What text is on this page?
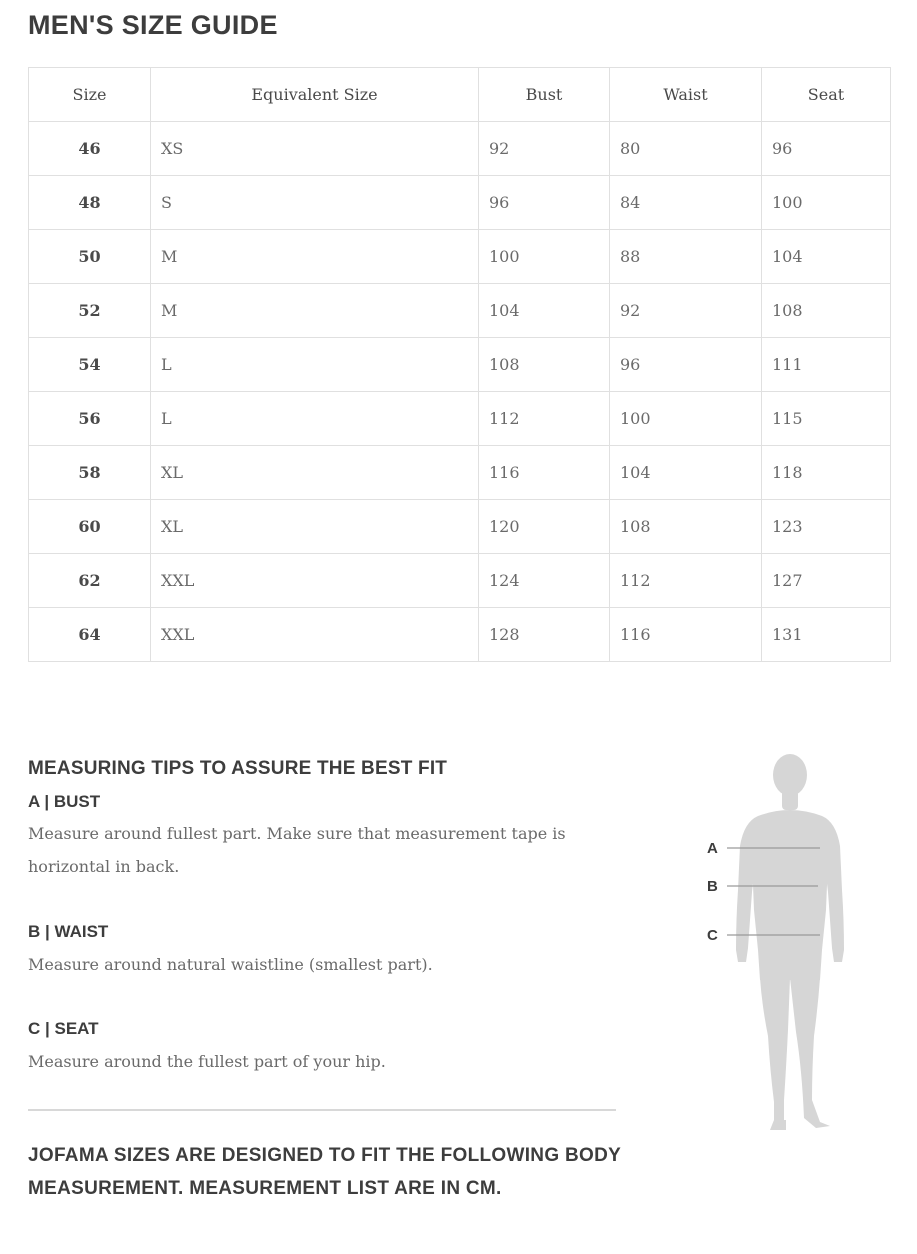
MEN'S SIZE GUIDE
Size	Equivalent Size	Bust	Waist	Seat
46	XS	92	80	96
48	S	96	84	100
50	M	100	88	104
52	M	104	92	108
54	L	108	96	111
56	L	112	100	115
58	XL	116	104	118
60	XL	120	108	123
62	XXL	124	112	127
64	XXL	128	116	131
MEASURING TIPS TO ASSURE THE BEST FIT
A | BUST

Measure around fullest part. Make sure that measurement tape is horizontal in back.

B | WAIST

Measure around natural waistline (smallest part).

C | SEAT

Measure around the fullest part of your hip.

A
B
C

JOFAMA SIZES ARE DESIGNED TO FIT THE FOLLOWING BODY MEASUREMENT. MEASUREMENT LIST ARE IN CM.
